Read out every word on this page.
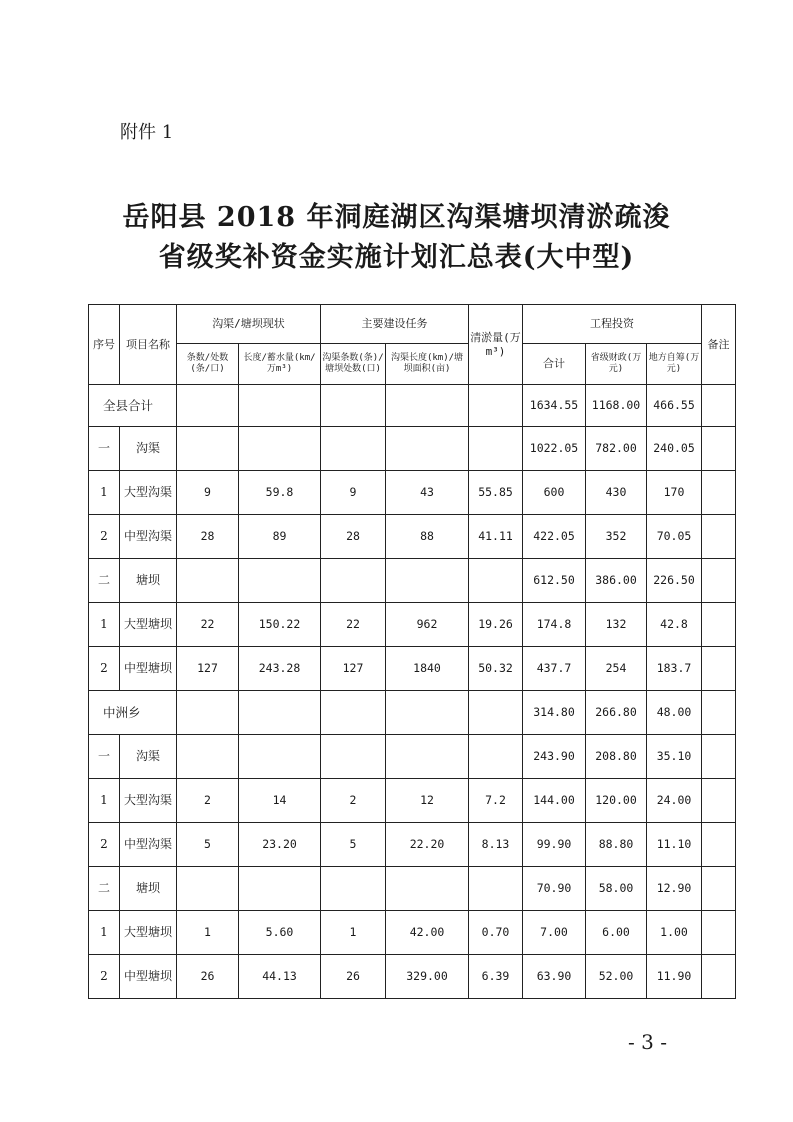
附件 1
岳阳县 2018 年洞庭湖区沟渠塘坝清淤疏浚
省级奖补资金实施计划汇总表(大中型)
序号	项目名称	沟渠/塘坝现状		主要建设任务		清淤量(万m³)	工程投资			备注
		条数/处数(条/口)	长度/蓄水量(km/万m³)	沟渠条数(条)/塘坝处数(口)	沟渠长度(km)/塘坝面积(亩)		合计	省级财政(万元)	地方自筹(万元)	
全县合计							1634.55	1168.00	466.55	
一	沟渠						1022.05	782.00	240.05	
1	大型沟渠	9	59.8	9	43	55.85	600	430	170	
2	中型沟渠	28	89	28	88	41.11	422.05	352	70.05	
二	塘坝						612.50	386.00	226.50	
1	大型塘坝	22	150.22	22	962	19.26	174.8	132	42.8	
2	中型塘坝	127	243.28	127	1840	50.32	437.7	254	183.7	
中洲乡							314.80	266.80	48.00	
一	沟渠						243.90	208.80	35.10	
1	大型沟渠	2	14	2	12	7.2	144.00	120.00	24.00	
2	中型沟渠	5	23.20	5	22.20	8.13	99.90	88.80	11.10	
二	塘坝						70.90	58.00	12.90	
1	大型塘坝	1	5.60	1	42.00	0.70	7.00	6.00	1.00	
2	中型塘坝	26	44.13	26	329.00	6.39	63.90	52.00	11.90	
- 3 -
